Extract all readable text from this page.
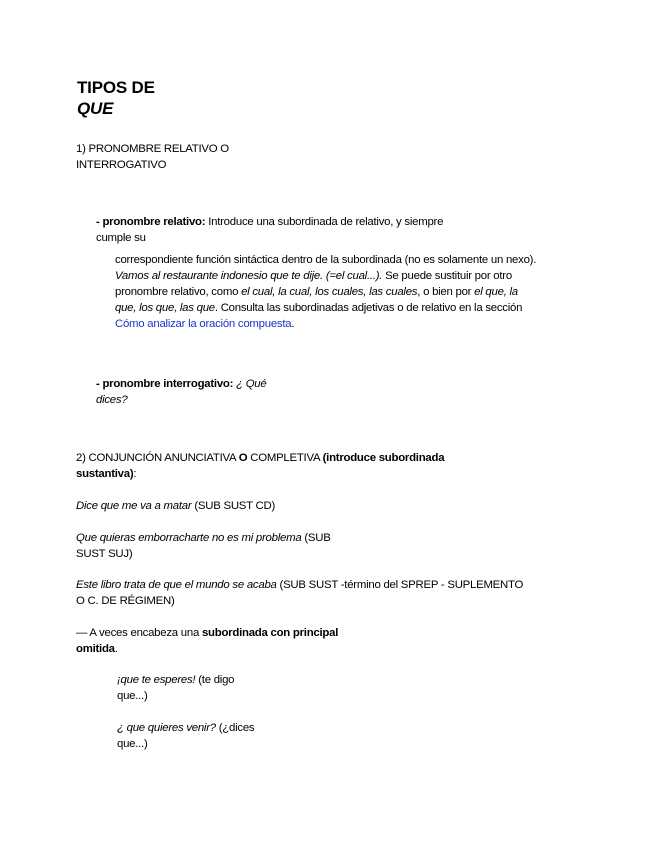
TIPOS DE
QUE
1) PRONOMBRE RELATIVO O
INTERROGATIVO
- pronombre relativo: Introduce una subordinada de relativo, y siempre
cumple su
correspondiente función sintáctica dentro de la subordinada (no es solamente un nexo).
Vamos al restaurante indonesio que te dije. (=el cual...). Se puede sustituir por otro
pronombre relativo, como el cual, la cual, los cuales, las cuales, o bien por el que, la
que, los que, las que. Consulta las subordinadas adjetivas o de relativo en la sección
Cómo analizar la oración compuesta.
- pronombre interrogativo: ¿ Qué
dices?
2) CONJUNCIÓN ANUNCIATIVA O COMPLETIVA (introduce subordinada
sustantiva):
Dice que me va a matar (SUB SUST CD)
Que quieras emborracharte no es mi problema (SUB
SUST SUJ)
Este libro trata de que el mundo se acaba (SUB SUST -término del SPREP - SUPLEMENTO
O C. DE RÉGIMEN)
— A veces encabeza una subordinada con principal
omitida.
¡que te esperes! (te digo
que...)
¿ que quieres venir? (¿dices
que...)
